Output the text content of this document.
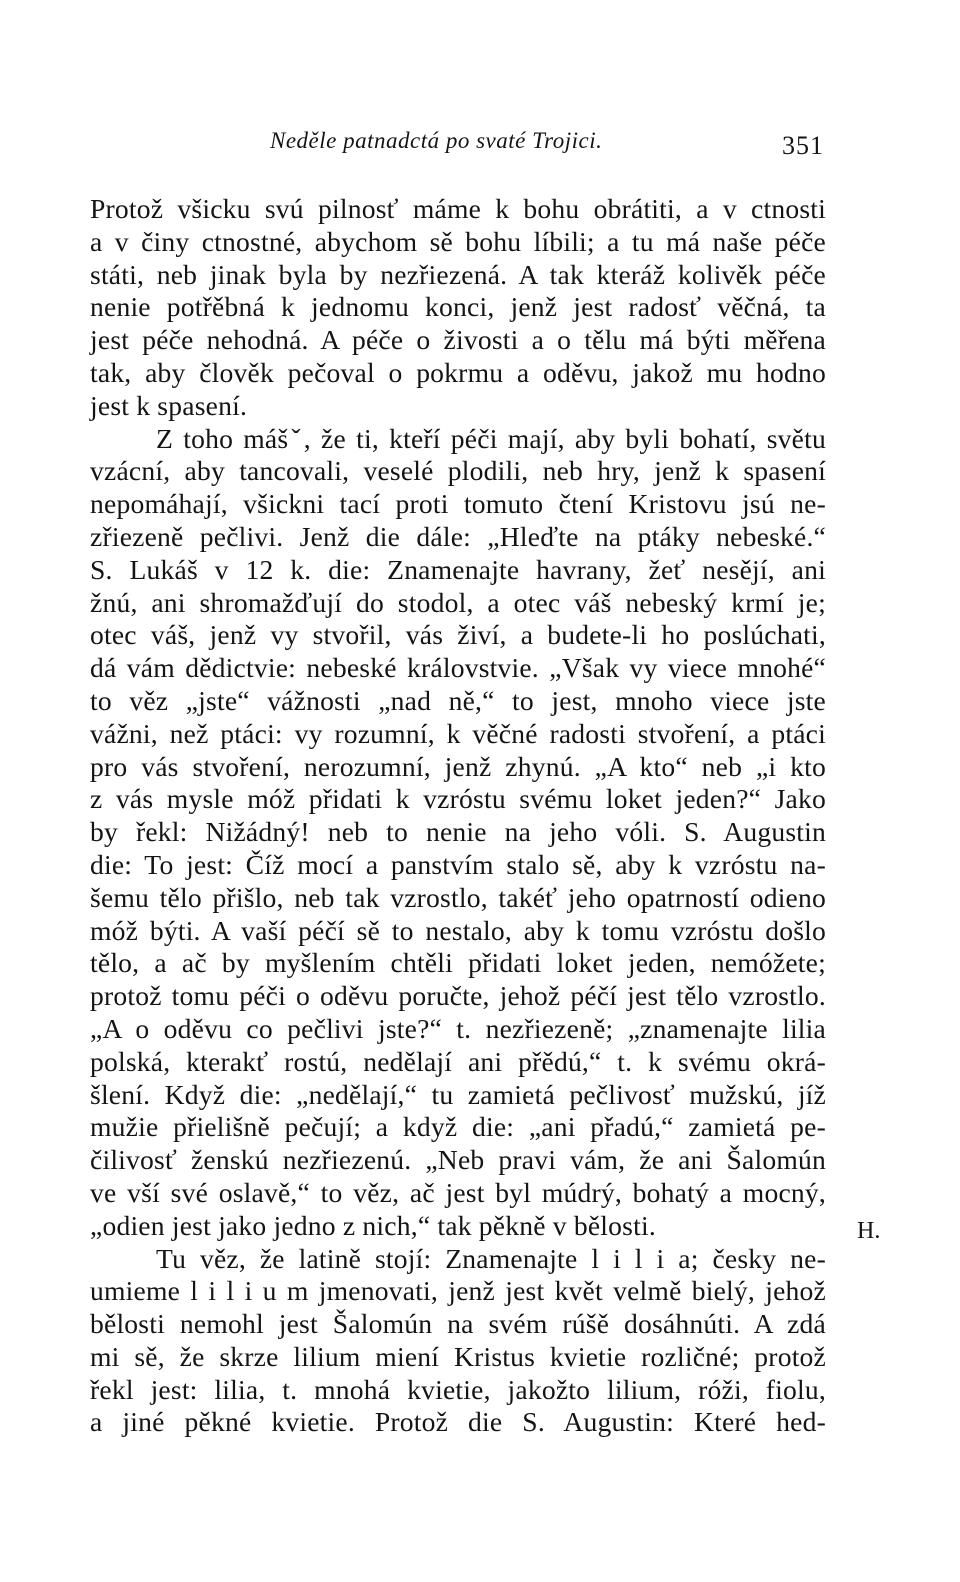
Neděle patnadctá po svaté Trojici.	351
Protož všicku svú pilnosť máme k bohu obrátiti, a v ctnosti
a v činy ctnostné, abychom sě bohu líbili; a tu má naše péče
státi, neb jinak byla by nezřiezená. A tak kteráž kolivěk péče
nenie potřěbná k jednomu konci, jenž jest radosť věčná, ta
jest péče nehodná. A péče o živosti a o tělu má býti měřena
tak, aby člověk pečoval o pokrmu a oděvu, jakož mu hodno
jest k spasení.
Z toho mášˇ, že ti, kteří péči mají, aby byli bohatí, světu
vzácní, aby tancovali, veselé plodili, neb hry, jenž k spasení
nepomáhají, všickni tací proti tomuto čtení Kristovu jsú ne-
zřiezeně pečlivi. Jenž die dále: „Hleďte na ptáky nebeské.“
S. Lukáš v 12 k. die: Znamenajte havrany, žeť nesějí, ani
žnú, ani shromažďují do stodol, a otec váš nebeský krmí je;
otec váš, jenž vy stvořil, vás živí, a budete-li ho poslúchati,
dá vám dědictvie: nebeské královstvie. „Však vy viece mnohé“
to věz „jste“ vážnosti „nad ně,“ to jest, mnoho viece jste
vážni, než ptáci: vy rozumní, k věčné radosti stvoření, a ptáci
pro vás stvoření, nerozumní, jenž zhynú. „A kto“ neb „i kto
z vás mysle móž přidati k vzróstu svému loket jeden?“ Jako
by řekl: Nižádný! neb to nenie na jeho vóli. S. Augustin
die: To jest: Číž mocí a panstvím stalo sě, aby k vzróstu na-
šemu tělo přišlo, neb tak vzrostlo, takéť jeho opatrností odieno
móž býti. A vaší péčí sě to nestalo, aby k tomu vzróstu došlo
tělo, a ač by myšlením chtěli přidati loket jeden, nemóžete;
protož tomu péči o oděvu poručte, jehož péčí jest tělo vzrostlo.
„A o oděvu co pečlivi jste?“ t. nezřiezeně; „znamenajte lilia
polská, kterakť rostú, nedělají ani přědú,“ t. k svému okrá-
šlení. Když die: „nedělají,“ tu zamietá pečlivosť mužskú, jíž
mužie přielišně pečují; a když die: „ani přadú,“ zamietá pe-
čilivosť ženskú nezřiezenú. „Neb pravi vám, že ani Šalomún
ve vší své oslavě,“ to věz, ač jest byl múdrý, bohatý a mocný,
„odien jest jako jedno z nich,“ tak pěkně v bělosti.
Tu věz, že latině stojí: Znamenajte l i l i a; česky ne-
umieme l i l i u m jmenovati, jenž jest květ velmě bielý, jehož
bělosti nemohl jest Šalomún na svém rúšě dosáhnúti. A zdá
mi sě, že skrze lilium miení Kristus kvietie rozličné; protož
řekl jest: lilia, t. mnohá kvietie, jakožto lilium, róži, fiolu,
a jiné pěkné kvietie. Protož die S. Augustin: Které hed-
H.
